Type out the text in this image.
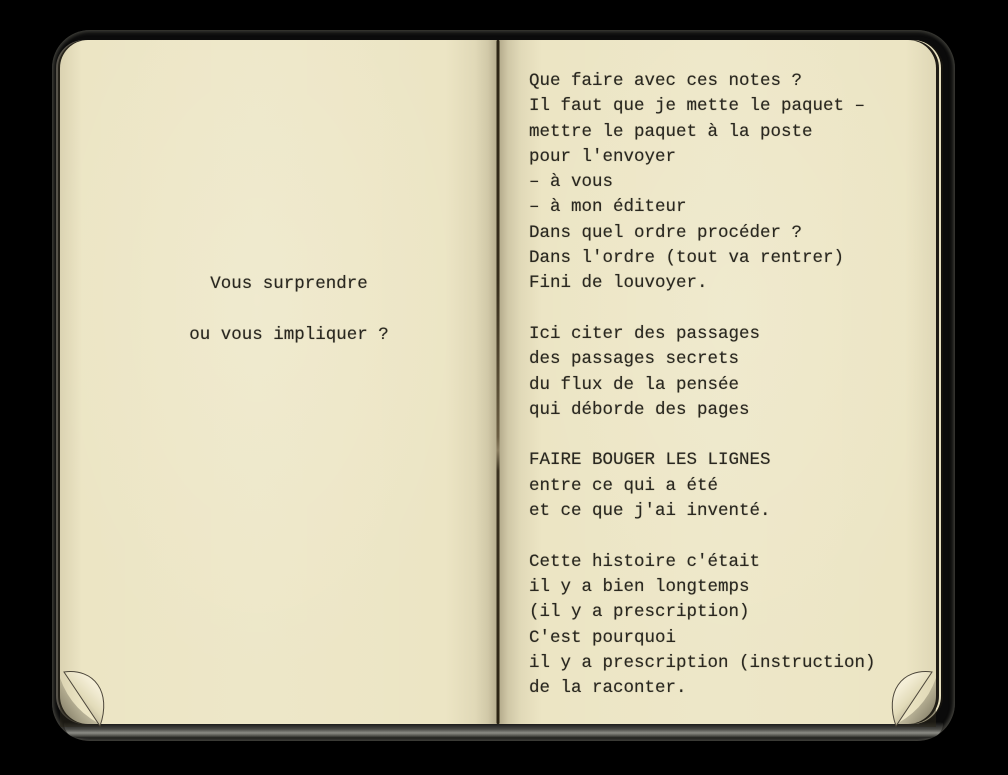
Vous surprendre

ou vous impliquer ?
Que faire avec ces notes ?
Il faut que je mette le paquet –
mettre le paquet à la poste
pour l'envoyer
– à vous
– à mon éditeur
Dans quel ordre procéder ?
Dans l'ordre (tout va rentrer)
Fini de louvoyer.
Ici citer des passages
des passages secrets
du flux de la pensée
qui déborde des pages
FAIRE BOUGER LES LIGNES
entre ce qui a été
et ce que j'ai inventé.
Cette histoire c'était
il y a bien longtemps
(il y a prescription)
C'est pourquoi
il y a prescription (instruction)
de la raconter.
